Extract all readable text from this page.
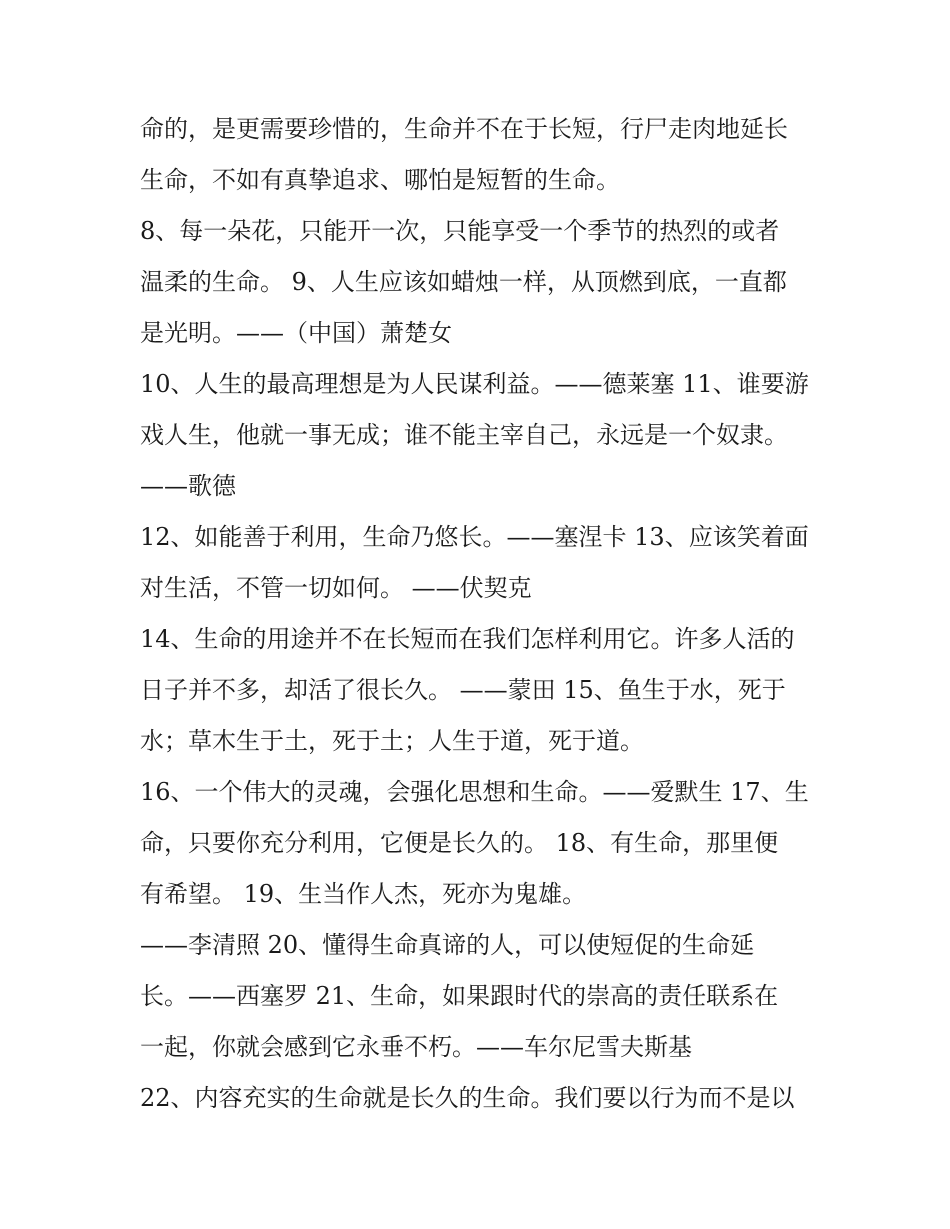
命的，是更需要珍惜的，生命并不在于长短，行尸走肉地延长
生命，不如有真挚追求、哪怕是短暂的生命。
8、每一朵花，只能开一次，只能享受一个季节的热烈的或者
温柔的生命。 9、人生应该如蜡烛一样，从顶燃到底，一直都
是光明。——（中国）萧楚女
10、人生的最高理想是为人民谋利益。——德莱塞 11、谁要游
戏人生，他就一事无成；谁不能主宰自己，永远是一个奴隶。
——歌德
12、如能善于利用，生命乃悠长。——塞涅卡 13、应该笑着面
对生活，不管一切如何。 ——伏契克
14、生命的用途并不在长短而在我们怎样利用它。许多人活的
日子并不多，却活了很长久。 ——蒙田 15、鱼生于水，死于
水；草木生于土，死于土；人生于道，死于道。
16、一个伟大的灵魂，会强化思想和生命。——爱默生 17、生
命，只要你充分利用，它便是长久的。 18、有生命，那里便
有希望。 19、生当作人杰，死亦为鬼雄。
——李清照 20、懂得生命真谛的人，可以使短促的生命延
长。——西塞罗 21、生命，如果跟时代的崇高的责任联系在
一起，你就会感到它永垂不朽。——车尔尼雪夫斯基
22、内容充实的生命就是长久的生命。我们要以行为而不是以
